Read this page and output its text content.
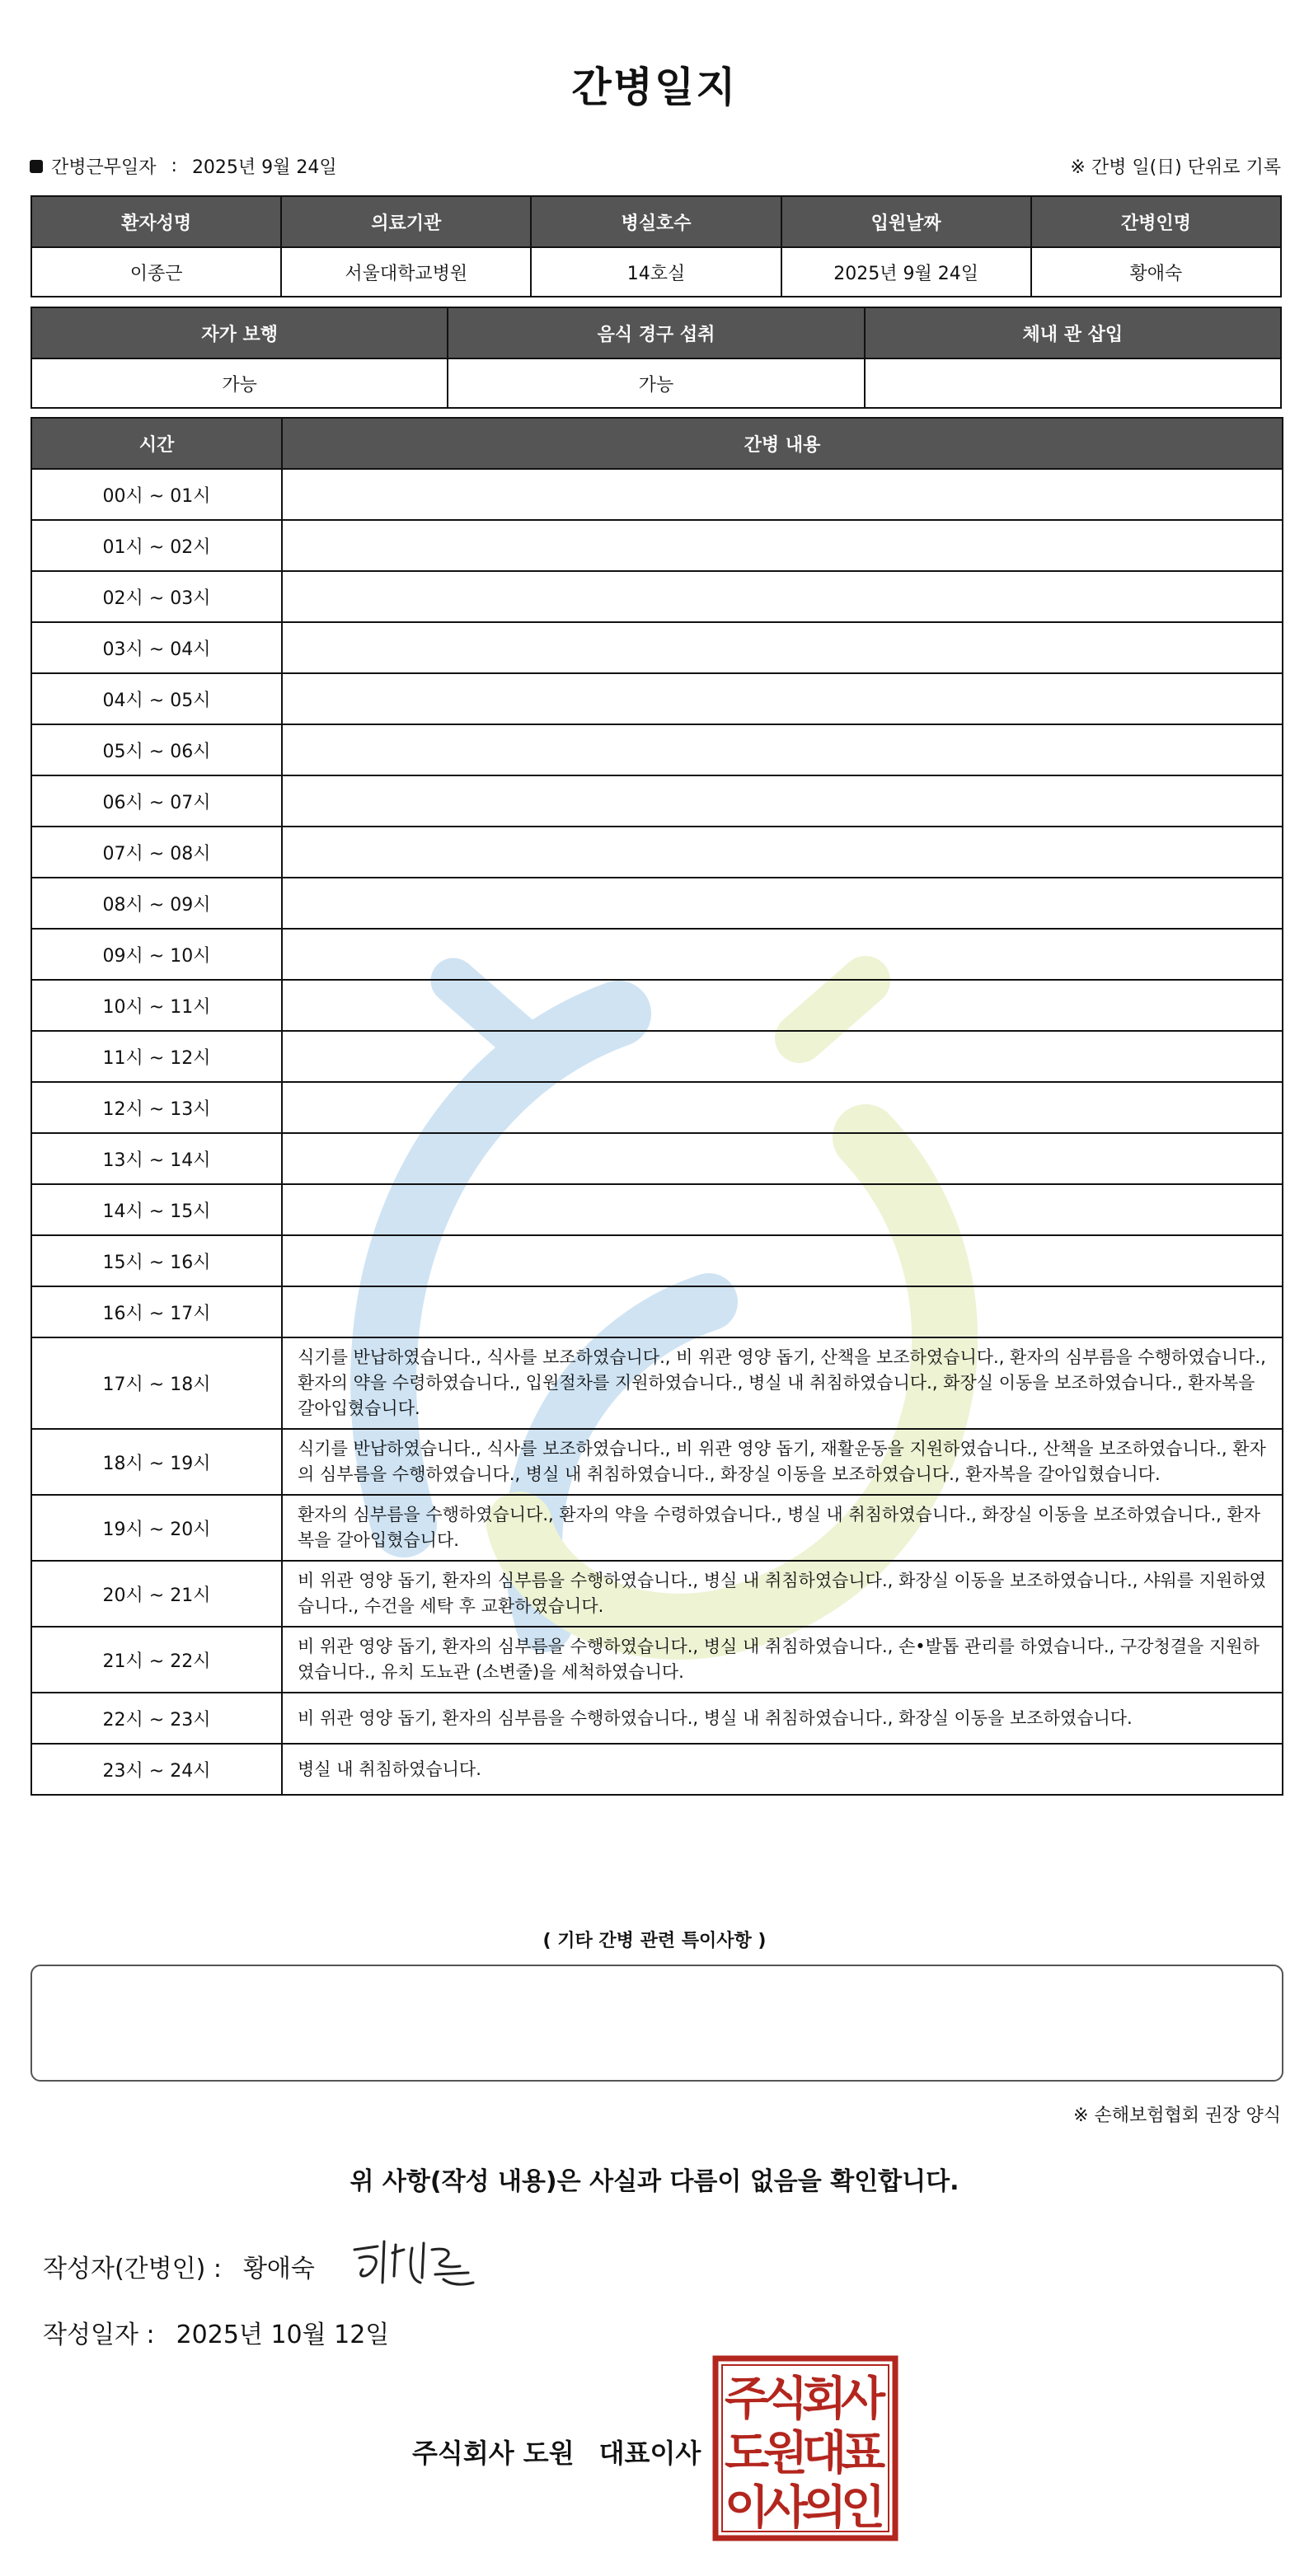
간병일지
간병근무일자 : 2025년 9월 24일	※ 간병 일(日) 단위로 기록
환자성명	의료기관	병실호수	입원날짜	간병인명
이종근	서울대학교병원	14호실	2025년 9월 24일	황애숙
자가 보행	음식 경구 섭취	체내 관 삽입
가능	가능	
시간	간병 내용
00시 ~ 01시	
01시 ~ 02시	
02시 ~ 03시	
03시 ~ 04시	
04시 ~ 05시	
05시 ~ 06시	
06시 ~ 07시	
07시 ~ 08시	
08시 ~ 09시	
09시 ~ 10시	
10시 ~ 11시	
11시 ~ 12시	
12시 ~ 13시	
13시 ~ 14시	
14시 ~ 15시	
15시 ~ 16시	
16시 ~ 17시	
17시 ~ 18시	식기를 반납하였습니다., 식사를 보조하였습니다., 비 위관 영양 돕기, 산책을 보조하였습니다., 환자의 심부름을 수행하였습니다., 환자의 약을 수령하였습니다., 입원절차를 지원하였습니다., 병실 내 취침하였습니다., 화장실 이동을 보조하였습니다., 환자복을 갈아입혔습니다.
18시 ~ 19시	식기를 반납하였습니다., 식사를 보조하였습니다., 비 위관 영양 돕기, 재활운동을 지원하였습니다., 산책을 보조하였습니다., 환자의 심부름을 수행하였습니다., 병실 내 취침하였습니다., 화장실 이동을 보조하였습니다., 환자복을 갈아입혔습니다.
19시 ~ 20시	환자의 심부름을 수행하였습니다., 환자의 약을 수령하였습니다., 병실 내 취침하였습니다., 화장실 이동을 보조하였습니다., 환자복을 갈아입혔습니다.
20시 ~ 21시	비 위관 영양 돕기, 환자의 심부름을 수행하였습니다., 병실 내 취침하였습니다., 화장실 이동을 보조하였습니다., 샤워를 지원하였습니다., 수건을 세탁 후 교환하였습니다.
21시 ~ 22시	비 위관 영양 돕기, 환자의 심부름을 수행하였습니다., 병실 내 취침하였습니다., 손•발톱 관리를 하였습니다., 구강청결을 지원하였습니다., 유치 도뇨관 (소변줄)을 세척하였습니다.
22시 ~ 23시	비 위관 영양 돕기, 환자의 심부름을 수행하였습니다., 병실 내 취침하였습니다., 화장실 이동을 보조하였습니다.
23시 ~ 24시	병실 내 취침하였습니다.
( 기타 간병 관련 특이사항 )
※ 손해보험협회 권장 양식
위 사항(작성 내용)은 사실과 다름이 없음을 확인합니다.
작성자(간병인) : 황애숙
작성일자 : 2025년 10월 12일
주식회사 도원 대표이사
주
식
회
사
도
원
대
표
이
사
의
인
